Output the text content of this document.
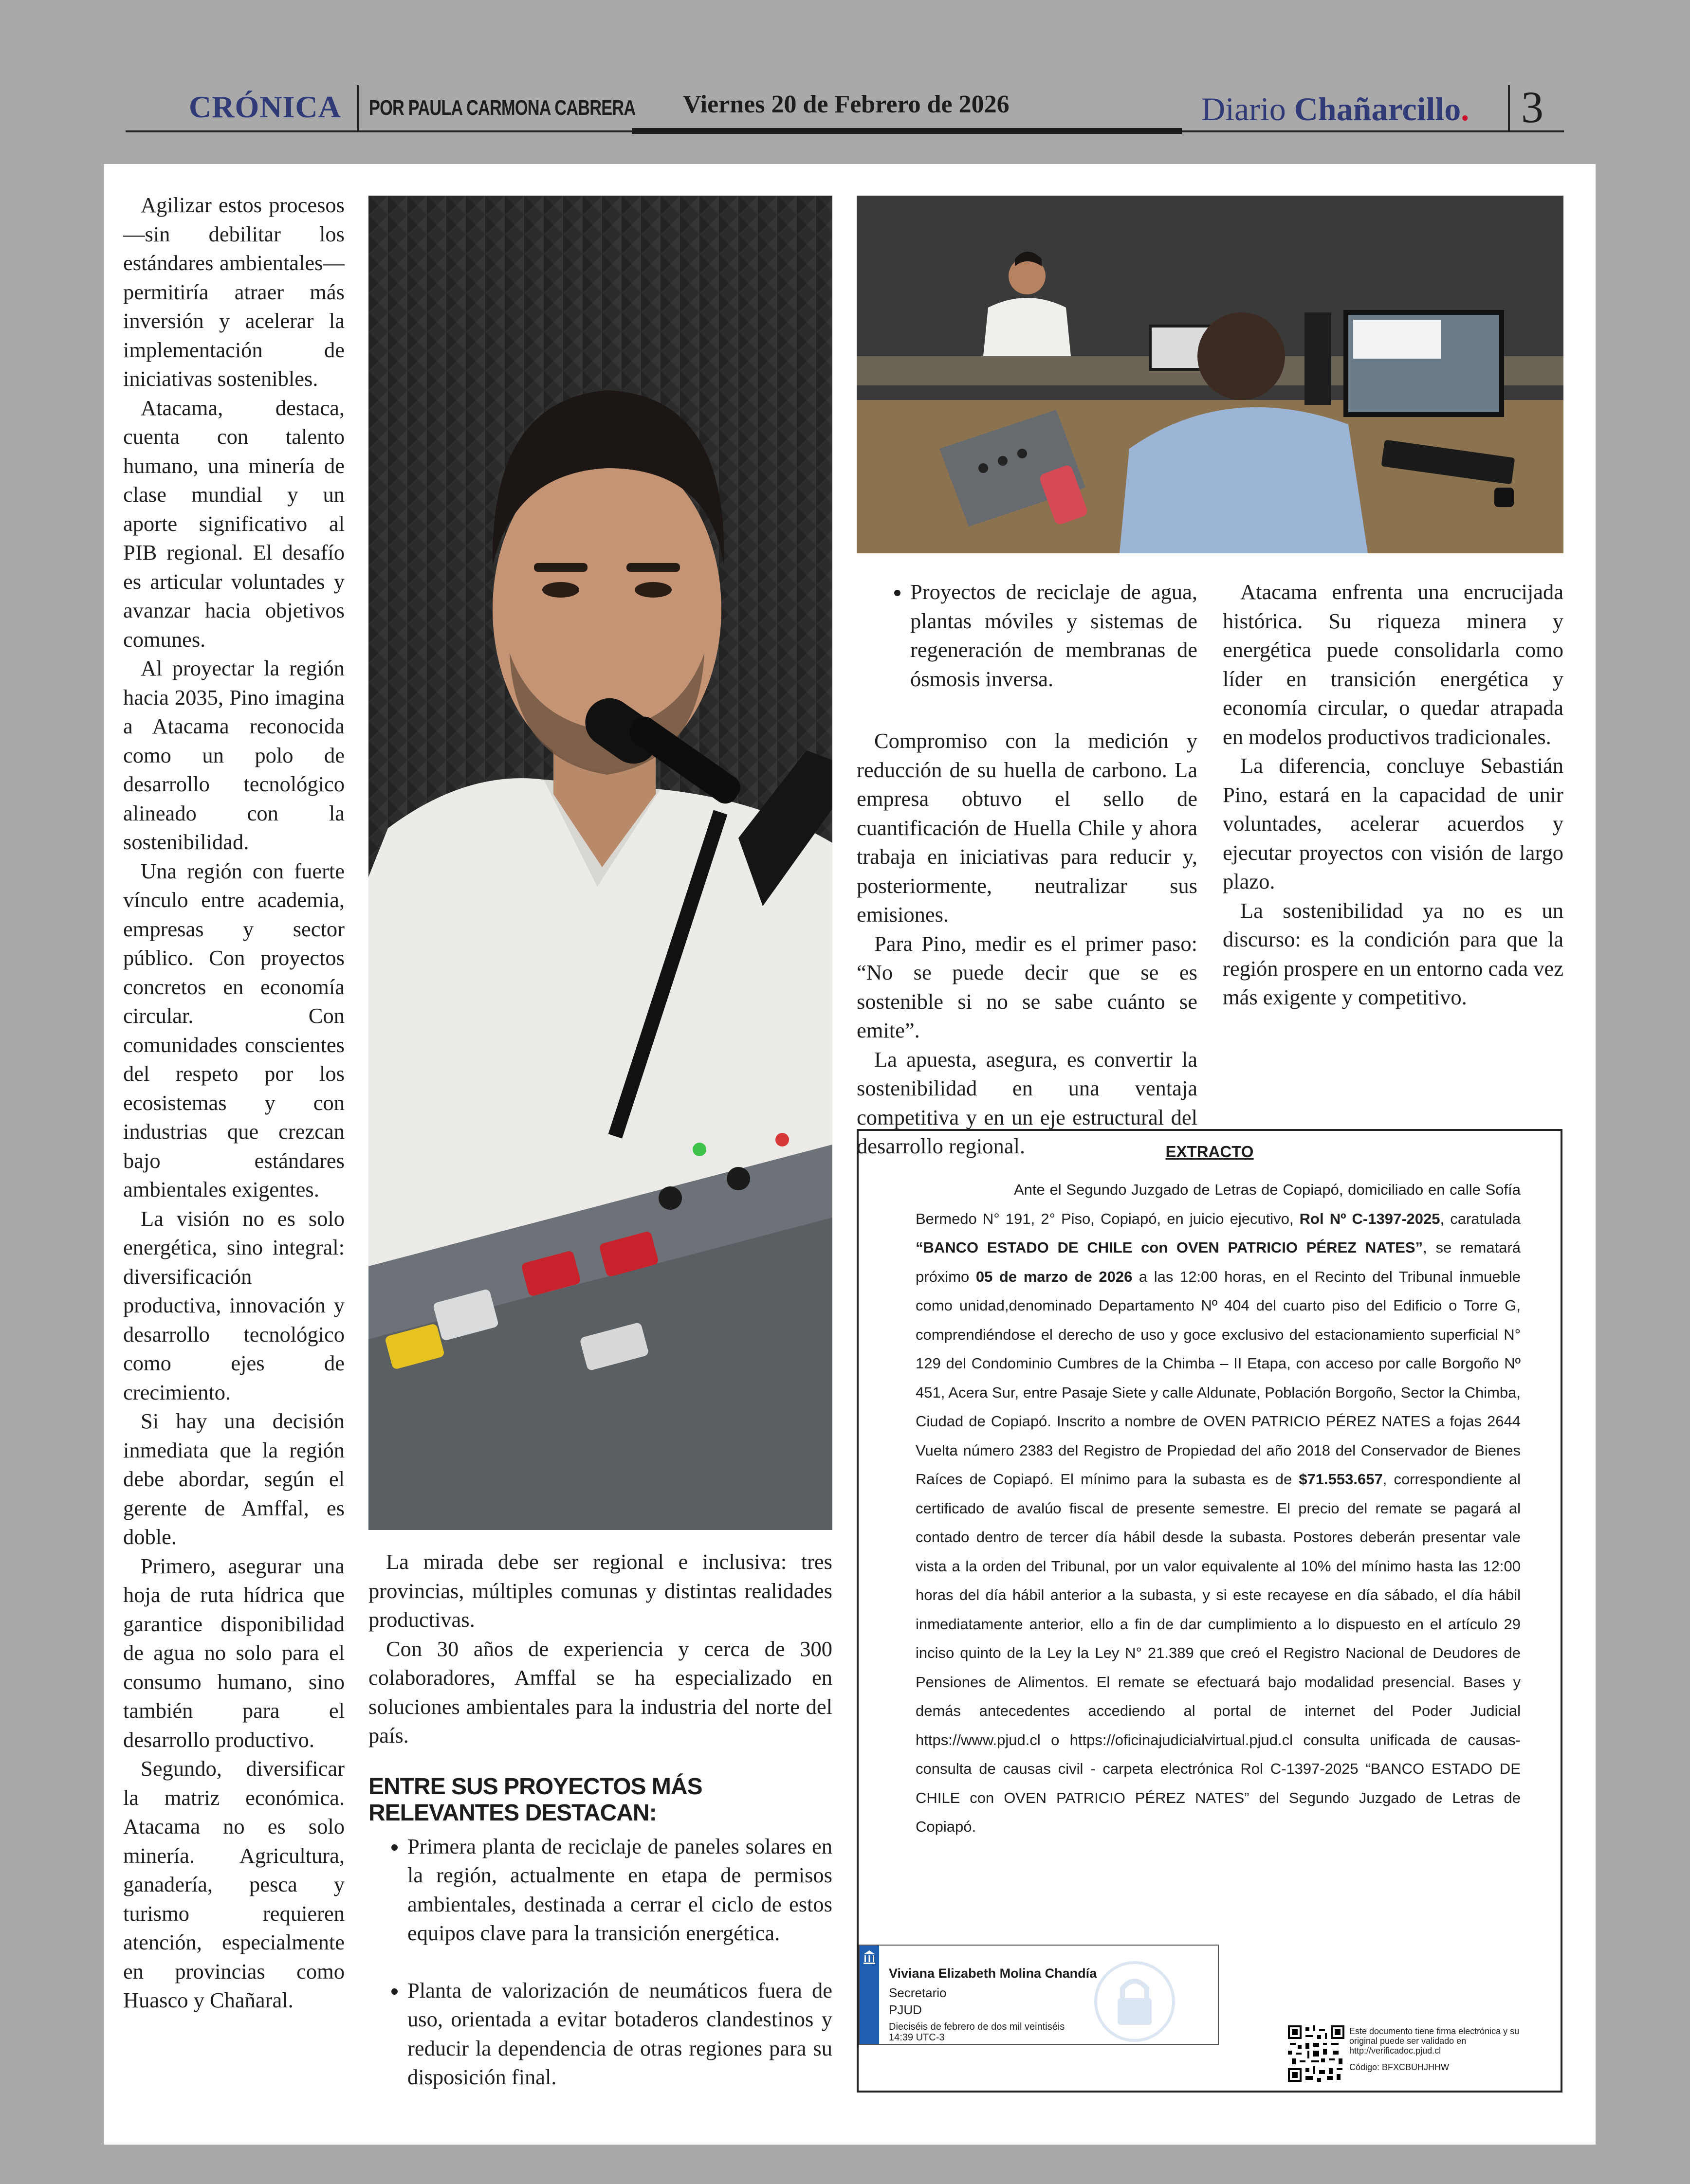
CRÓNICA POR PAULA CARMONA CABRERA Viernes 20 de Febrero de 2026	Diario Chañarcillo. 3

Agilizar estos procesos —sin debilitar los estándares ambientales— permitiría atraer más inversión y acelerar la implementación de iniciativas sostenibles.

Atacama, destaca, cuenta con talento humano, una minería de clase mundial y un aporte significativo al PIB regional. El desafío es articular voluntades y avanzar hacia objetivos comunes.

Al proyectar la región hacia 2035, Pino imagina a Atacama reconocida como un polo de desarrollo tecnológico alineado con la sostenibilidad.

Una región con fuerte vínculo entre academia, empresas y sector público. Con proyectos concretos en economía circular. Con comunidades conscientes del respeto por los ecosistemas y con industrias que crezcan bajo estándares ambientales exigentes.

La visión no es solo energética, sino integral: diversificación productiva, innovación y desarrollo tecnológico como ejes de crecimiento.

Si hay una decisión inmediata que la región debe abordar, según el gerente de Amffal, es doble.

Primero, asegurar una hoja de ruta hídrica que garantice disponibilidad de agua no solo para el consumo humano, sino también para el desarrollo productivo.

Segundo, diversificar la matriz económica. Atacama no es solo minería. Agricultura, ganadería, pesca y turismo requieren atención, especialmente en provincias como Huasco y Chañaral.

La mirada debe ser regional e inclusiva: tres provincias, múltiples comunas y distintas realidades productivas.

Con 30 años de experiencia y cerca de 300 colaboradores, Amffal se ha especializado en soluciones ambientales para la industria del norte del país.

ENTRE SUS PROYECTOS MÁS
RELEVANTES DESTACAN:
• Primera planta de reciclaje de paneles solares en la región, actualmente en etapa de permisos ambientales, destinada a cerrar el ciclo de estos equipos clave para la transición energética.
• Planta de valorización de neumáticos fuera de uso, orientada a evitar botaderos clandestinos y reducir la dependencia de otras regiones para su disposición final.
• Proyectos de reciclaje de agua, plantas móviles y sistemas de regeneración de membranas de ósmosis inversa.

Compromiso con la medición y reducción de su huella de carbono. La empresa obtuvo el sello de cuantificación de Huella Chile y ahora trabaja en iniciativas para reducir y, posteriormente, neutralizar sus emisiones.

Para Pino, medir es el primer paso: “No se puede decir que se es sostenible si no se sabe cuánto se emite”.

La apuesta, asegura, es convertir la sostenibilidad en una ventaja competitiva y en un eje estructural del desarrollo regional.

Atacama enfrenta una encrucijada histórica. Su riqueza minera y energética puede consolidarla como líder en transición energética y economía circular, o quedar atrapada en modelos productivos tradicionales.

La diferencia, concluye Sebastián Pino, estará en la capacidad de unir voluntades, acelerar acuerdos y ejecutar proyectos con visión de largo plazo.

La sostenibilidad ya no es un discurso: es la condición para que la región prospere en un entorno cada vez más exigente y competitivo.

EXTRACTO
Ante el Segundo Juzgado de Letras de Copiapó, domiciliado en calle Sofía Bermedo N° 191, 2° Piso, Copiapó, en juicio ejecutivo, Rol Nº C-1397-2025, caratulada “BANCO ESTADO DE CHILE con OVEN PATRICIO PÉREZ NATES”, se rematará próximo 05 de marzo de 2026 a las 12:00 horas, en el Recinto del Tribunal inmueble como unidad,denominado Departamento Nº 404 del cuarto piso del Edificio o Torre G, comprendiéndose el derecho de uso y goce exclusivo del estacionamiento superficial N° 129 del Condominio Cumbres de la Chimba – II Etapa, con acceso por calle Borgoño Nº 451, Acera Sur, entre Pasaje Siete y calle Aldunate, Población Borgoño, Sector la Chimba, Ciudad de Copiapó. Inscrito a nombre de OVEN PATRICIO PÉREZ NATES a fojas 2644 Vuelta número 2383 del Registro de Propiedad del año 2018 del Conservador de Bienes Raíces de Copiapó. El mínimo para la subasta es de $71.553.657, correspondiente al certificado de avalúo fiscal de presente semestre. El precio del remate se pagará al contado dentro de tercer día hábil desde la subasta. Postores deberán presentar vale vista a la orden del Tribunal, por un valor equivalente al 10% del mínimo hasta las 12:00 horas del día hábil anterior a la subasta, y si este recayese en día sábado, el día hábil inmediatamente anterior, ello a fin de dar cumplimiento a lo dispuesto en el artículo 29 inciso quinto de la Ley la Ley N° 21.389 que creó el Registro Nacional de Deudores de Pensiones de Alimentos. El remate se efectuará bajo modalidad presencial. Bases y demás antecedentes accediendo al portal de internet del Poder Judicial https://www.pjud.cl o https://oficinajudicialvirtual.pjud.cl consulta unificada de causas- consulta de causas civil - carpeta electrónica Rol C-1397-2025 “BANCO ESTADO DE CHILE con OVEN PATRICIO PÉREZ NATES” del Segundo Juzgado de Letras de Copiapó.
Viviana Elizabeth Molina Chandía
Secretario
PJUD
Dieciséis de febrero de dos mil veintiséis
14:39 UTC-3
Este documento tiene firma electrónica y su original puede ser validado en http://verificadoc.pjud.cl
Código: BFXCBUHJHHW
